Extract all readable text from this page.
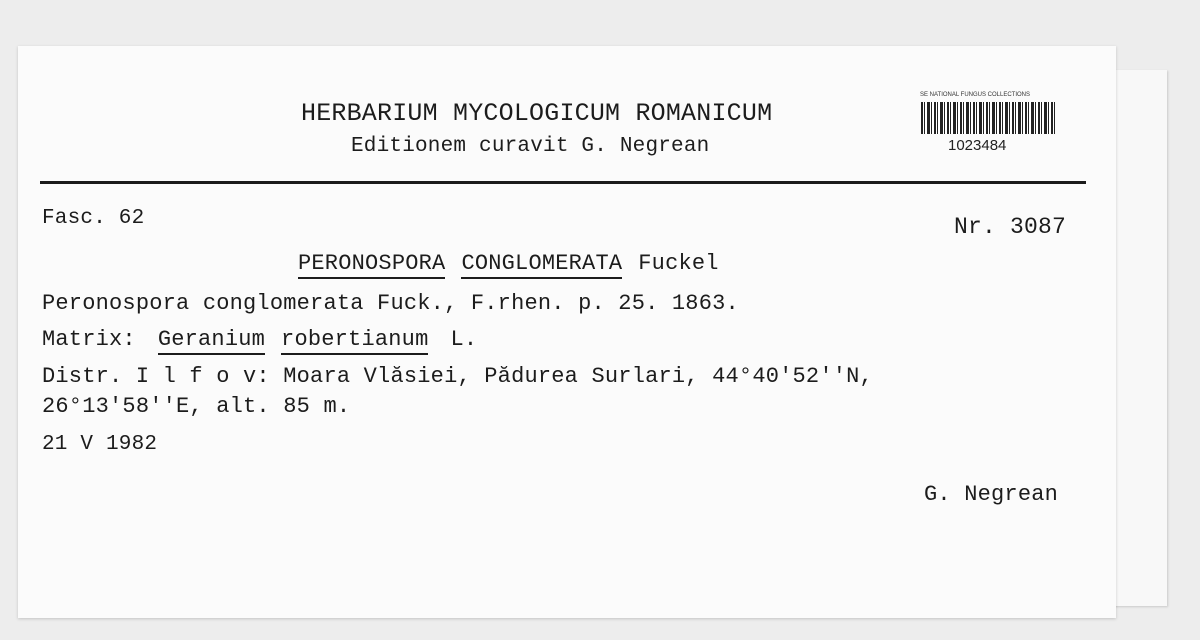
HERBARIUM MYCOLOGICUM ROMANICUM
Editionem curavit G. Negrean
SE NATIONAL FUNGUS COLLECTIONS
1023484
Fasc. 62	Nr. 3087
PERONOSPORA CONGLOMERATA Fuckel
Peronospora conglomerata Fuck., F.rhen. p. 25. 1863.
Matrix: Geranium robertianum L.
Distr. I l f o v: Moara Vlăsiei, Pădurea Surlari, 44°40'52''N,
26°13'58''E, alt. 85 m.
21 V 1982
G. Negrean
